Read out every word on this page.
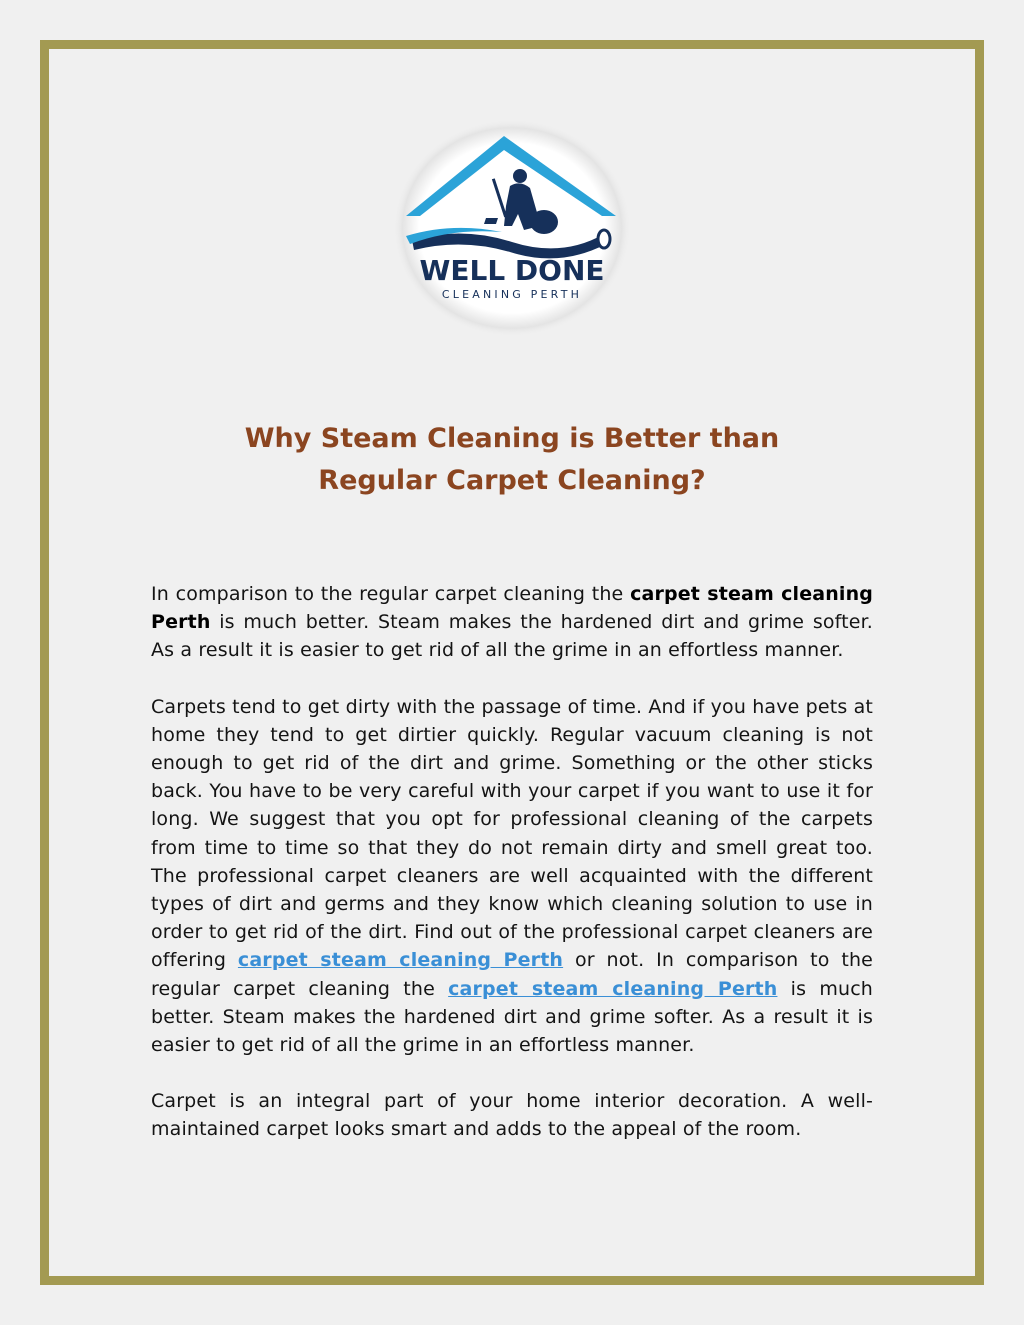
WELL DONE
CLEANING PERTH
Why Steam Cleaning is Better than
Regular Carpet Cleaning?

In comparison to the regular carpet cleaning the carpet steam cleaning Perth is much better. Steam makes the hardened dirt and grime softer. As a result it is easier to get rid of all the grime in an effortless manner.

Carpets tend to get dirty with the passage of time. And if you have pets at home they tend to get dirtier quickly. Regular vacuum cleaning is not enough to get rid of the dirt and grime. Something or the other sticks back. You have to be very careful with your carpet if you want to use it for long. We suggest that you opt for professional cleaning of the carpets from time to time so that they do not remain dirty and smell great too. The professional carpet cleaners are well acquainted with the different types of dirt and germs and they know which cleaning solution to use in order to get rid of the dirt. Find out of the professional carpet cleaners are offering carpet steam cleaning Perth or not. In comparison to the regular carpet cleaning the carpet steam cleaning Perth is much better. Steam makes the hardened dirt and grime softer. As a result it is easier to get rid of all the grime in an effortless manner.

Carpet is an integral part of your home interior decoration. A well-maintained carpet looks smart and adds to the appeal of the room.
